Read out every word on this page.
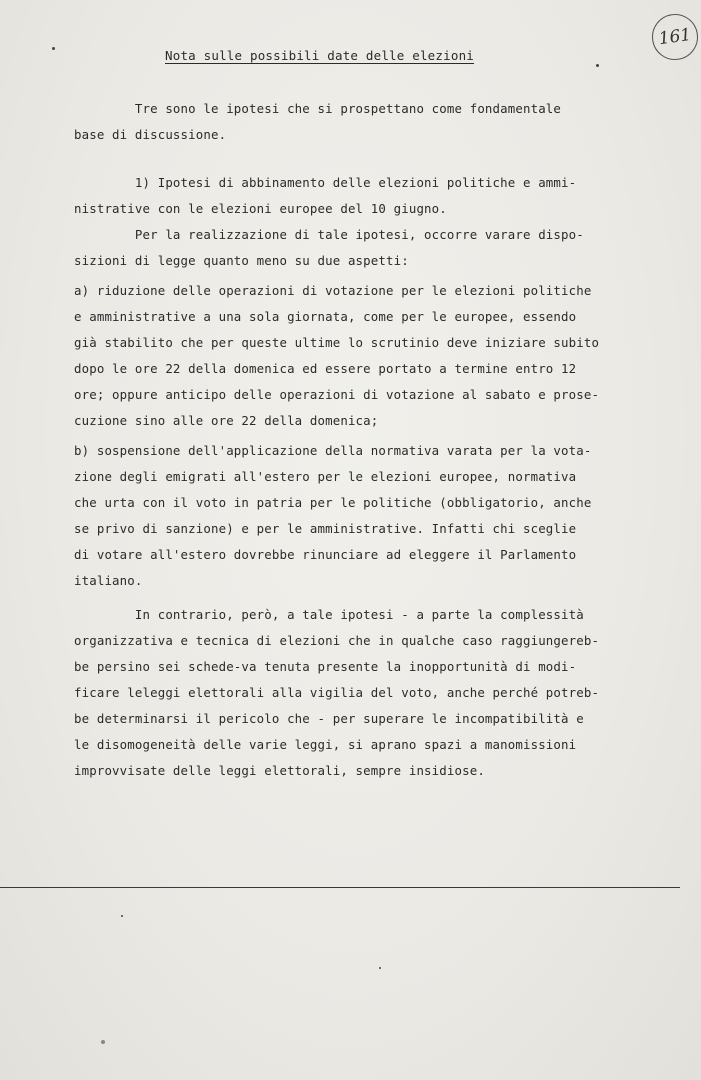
161
Nota sulle possibili date delle elezioni

Tre sono le ipotesi che si prospettano come fondamentale

base di discussione.

1) Ipotesi di abbinamento delle elezioni politiche e ammi-

nistrative con le elezioni europee del 10 giugno.

Per la realizzazione di tale ipotesi, occorre varare dispo-

sizioni di legge quanto meno su due aspetti:

a) riduzione delle operazioni di votazione per le elezioni politiche

e amministrative a una sola giornata, come per le europee, essendo

già stabilito che per queste ultime lo scrutinio deve iniziare subito

dopo le ore 22 della domenica ed essere portato a termine entro 12

ore; oppure anticipo delle operazioni di votazione al sabato e prose-

cuzione sino alle ore 22 della domenica;

b) sospensione dell'applicazione della normativa varata per la vota-

zione degli emigrati all'estero per le elezioni europee, normativa

che urta con il voto in patria per le politiche (obbligatorio, anche

se privo di sanzione) e per le amministrative. Infatti chi sceglie

di votare all'estero dovrebbe rinunciare ad eleggere il Parlamento

italiano.

In contrario, però, a tale ipotesi - a parte la complessità

organizzativa e tecnica di elezioni che in qualche caso raggiungereb-

be persino sei schede-va tenuta presente la inopportunità di modi-

ficare leleggi elettorali alla vigilia del voto, anche perché potreb-

be determinarsi il pericolo che - per superare le incompatibilità e

le disomogeneità delle varie leggi, si aprano spazi a manomissioni

improvvisate delle leggi elettorali, sempre insidiose.
